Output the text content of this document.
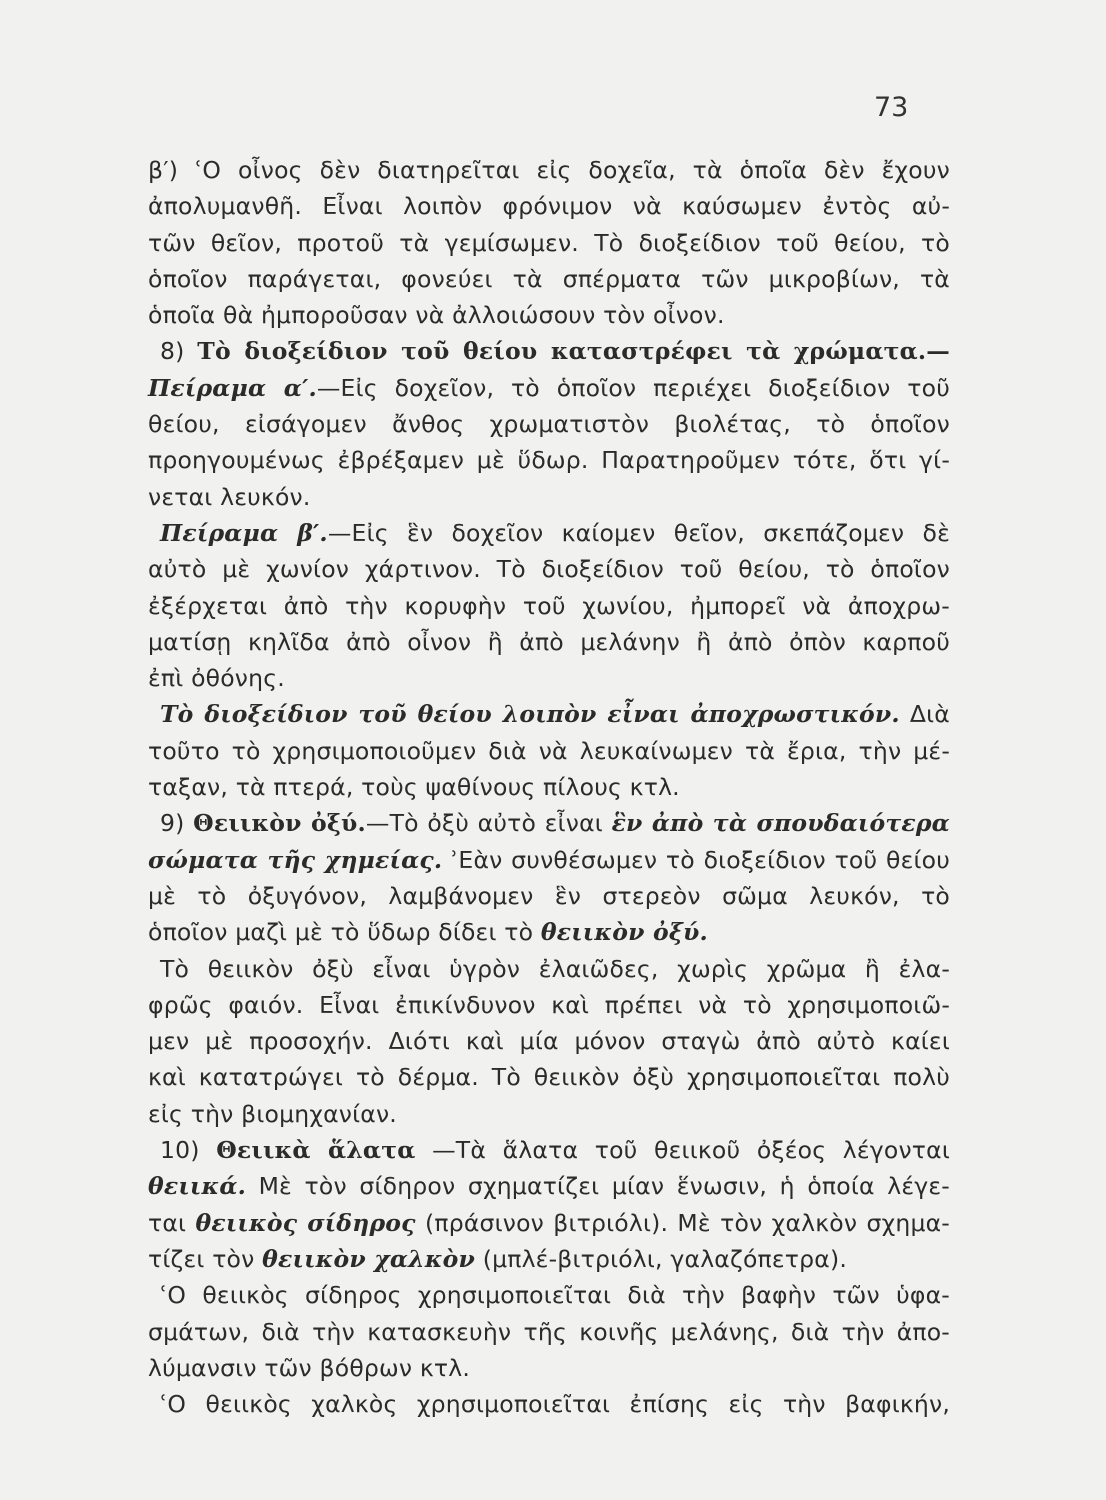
73
β′) ʿΟ οἶνος δὲν διατηρεῖται εἰς δοχεῖα, τὰ ὁποῖα δὲν ἔχουν
ἀπολυμανθῆ. Εἶναι λοιπὸν φρόνιμον νὰ καύσωμεν ἐντὸς αὐ-
τῶν θεῖον, προτοῦ τὰ γεμίσωμεν. Τὸ διοξείδιον τοῦ θείου, τὸ
ὁποῖον παράγεται, φονεύει τὰ σπέρματα τῶν μικροβίων, τὰ
ὁποῖα θὰ ἠμποροῦσαν νὰ ἀλλοιώσουν τὸν οἶνον.
8) Τὸ διοξείδιον τοῦ θείου καταστρέφει τὰ χρώματα.—
Πείραμα α′.—Εἰς δοχεῖον, τὸ ὁποῖον περιέχει διοξείδιον τοῦ
θείου, εἰσάγομεν ἄνθος χρωματιστὸν βιολέτας, τὸ ὁποῖον
προηγουμένως ἐβρέξαμεν μὲ ὕδωρ. Παρατηροῦμεν τότε, ὅτι γί-
νεται λευκόν.
Πείραμα β′.—Εἰς ἓν δοχεῖον καίομεν θεῖον, σκεπάζομεν δὲ
αὐτὸ μὲ χωνίον χάρτινον. Τὸ διοξείδιον τοῦ θείου, τὸ ὁποῖον
ἐξέρχεται ἀπὸ τὴν κορυφὴν τοῦ χωνίου, ἠμπορεῖ νὰ ἀποχρω-
ματίσῃ κηλῖδα ἀπὸ οἶνον ἢ ἀπὸ μελάνην ἢ ἀπὸ ὀπὸν καρποῦ
ἐπὶ ὀθόνης.
Τὸ διοξείδιον τοῦ θείου λοιπὸν εἶναι ἀποχρωστικόν. Διὰ
τοῦτο τὸ χρησιμοποιοῦμεν διὰ νὰ λευκαίνωμεν τὰ ἔρια, τὴν μέ-
ταξαν, τὰ πτερά, τοὺς ψαθίνους πίλους κτλ.
9) Θειικὸν ὀξύ.—Τὸ ὀξὺ αὐτὸ εἶναι ἓν ἀπὸ τὰ σπουδαιότερα
σώματα τῆς χημείας. ʾΕὰν συνθέσωμεν τὸ διοξείδιον τοῦ θείου
μὲ τὸ ὀξυγόνον, λαμβάνομεν ἓν στερεὸν σῶμα λευκόν, τὸ
ὁποῖον μαζὶ μὲ τὸ ὕδωρ δίδει τὸ θειικὸν ὀξύ.
Τὸ θειικὸν ὀξὺ εἶναι ὑγρὸν ἐλαιῶδες, χωρὶς χρῶμα ἢ ἐλα-
φρῶς φαιόν. Εἶναι ἐπικίνδυνον καὶ πρέπει νὰ τὸ χρησιμοποιῶ-
μεν μὲ προσοχήν. Διότι καὶ μία μόνον σταγὼ ἀπὸ αὐτὸ καίει
καὶ κατατρώγει τὸ δέρμα. Τὸ θειικὸν ὀξὺ χρησιμοποιεῖται πολὺ
εἰς τὴν βιομηχανίαν.
10) Θειικὰ ἅλατα —Τὰ ἅλατα τοῦ θειικοῦ ὀξέος λέγονται
θειικά. Μὲ τὸν σίδηρον σχηματίζει μίαν ἕνωσιν, ἡ ὁποία λέγε-
ται θειικὸς σίδηρος (πράσινον βιτριόλι). Μὲ τὸν χαλκὸν σχημα-
τίζει τὸν θειικὸν χαλκὸν (μπλέ-βιτριόλι, γαλαζόπετρα).
ʿΟ θειικὸς σίδηρος χρησιμοποιεῖται διὰ τὴν βαφὴν τῶν ὑφα-
σμάτων, διὰ τὴν κατασκευὴν τῆς κοινῆς μελάνης, διὰ τὴν ἀπο-
λύμανσιν τῶν βόθρων κτλ.
ʿΟ θειικὸς χαλκὸς χρησιμοποιεῖται ἐπίσης εἰς τὴν βαφικήν,
